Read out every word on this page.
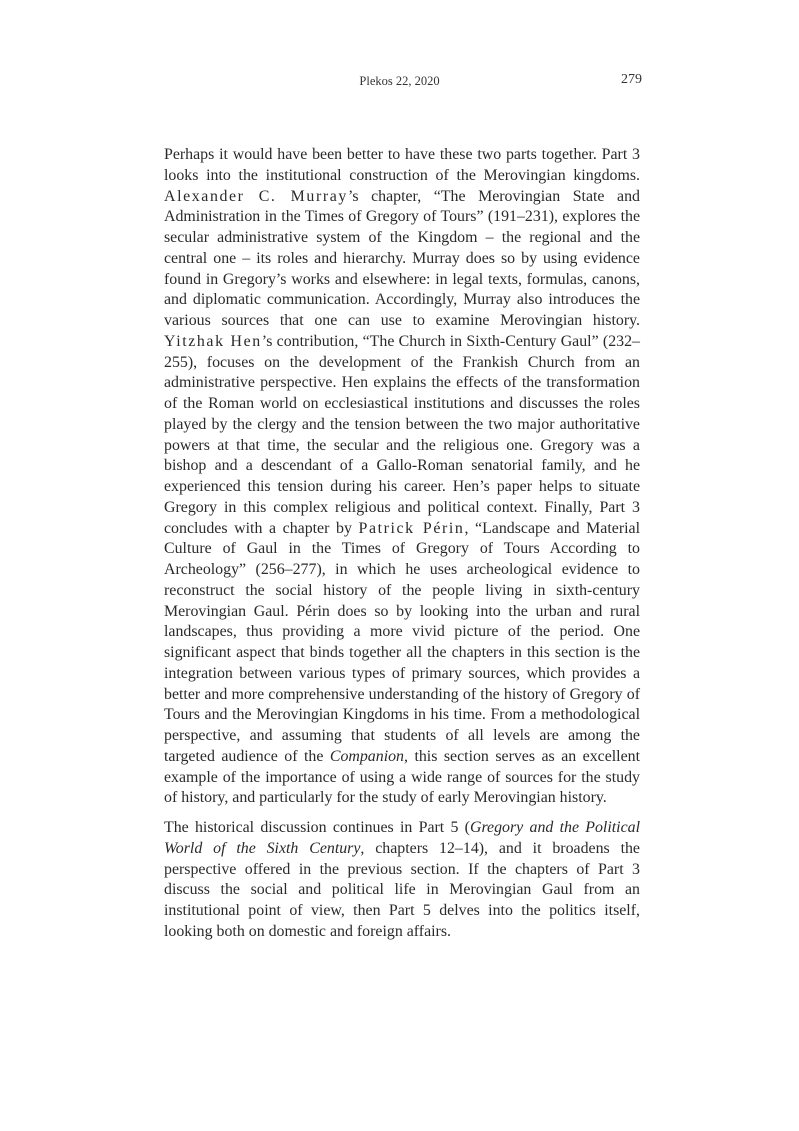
Plekos 22, 2020	279

Perhaps it would have been better to have these two parts together. Part 3 looks into the institutional construction of the Merovingian kingdoms. Alexander C. Murray’s chapter, “The Merovingian State and Administration in the Times of Gregory of Tours” (191–231), explores the secular administrative system of the Kingdom – the regional and the central one – its roles and hierarchy. Murray does so by using evidence found in Gregory’s works and elsewhere: in legal texts, formulas, canons, and diplomatic communication. Accordingly, Murray also introduces the various sources that one can use to examine Merovingian history. Yitzhak Hen’s contribution, “The Church in Sixth-Century Gaul” (232–255), focuses on the development of the Frankish Church from an administrative perspective. Hen explains the effects of the transformation of the Roman world on ecclesiastical institutions and discusses the roles played by the clergy and the tension between the two major authoritative powers at that time, the secular and the religious one. Gregory was a bishop and a descendant of a Gallo-Roman senatorial family, and he experienced this tension during his career. Hen’s paper helps to situate Gregory in this complex religious and political context. Finally, Part 3 concludes with a chapter by Patrick Périn, “Landscape and Material Culture of Gaul in the Times of Gregory of Tours According to Archeology” (256–277), in which he uses archeological evidence to reconstruct the social history of the people living in sixth-century Merovingian Gaul. Périn does so by looking into the urban and rural landscapes, thus providing a more vivid picture of the period. One significant aspect that binds together all the chapters in this section is the integration between various types of primary sources, which provides a better and more comprehensive understanding of the history of Gregory of Tours and the Merovingian Kingdoms in his time. From a methodological perspective, and assuming that students of all levels are among the targeted audience of the Companion, this section serves as an excellent example of the importance of using a wide range of sources for the study of history, and particularly for the study of early Merovingian history.

The historical discussion continues in Part 5 (Gregory and the Political World of the Sixth Century, chapters 12–14), and it broadens the perspective offered in the previous section. If the chapters of Part 3 discuss the social and political life in Merovingian Gaul from an institutional point of view, then Part 5 delves into the politics itself, looking both on domestic and foreign affairs.
